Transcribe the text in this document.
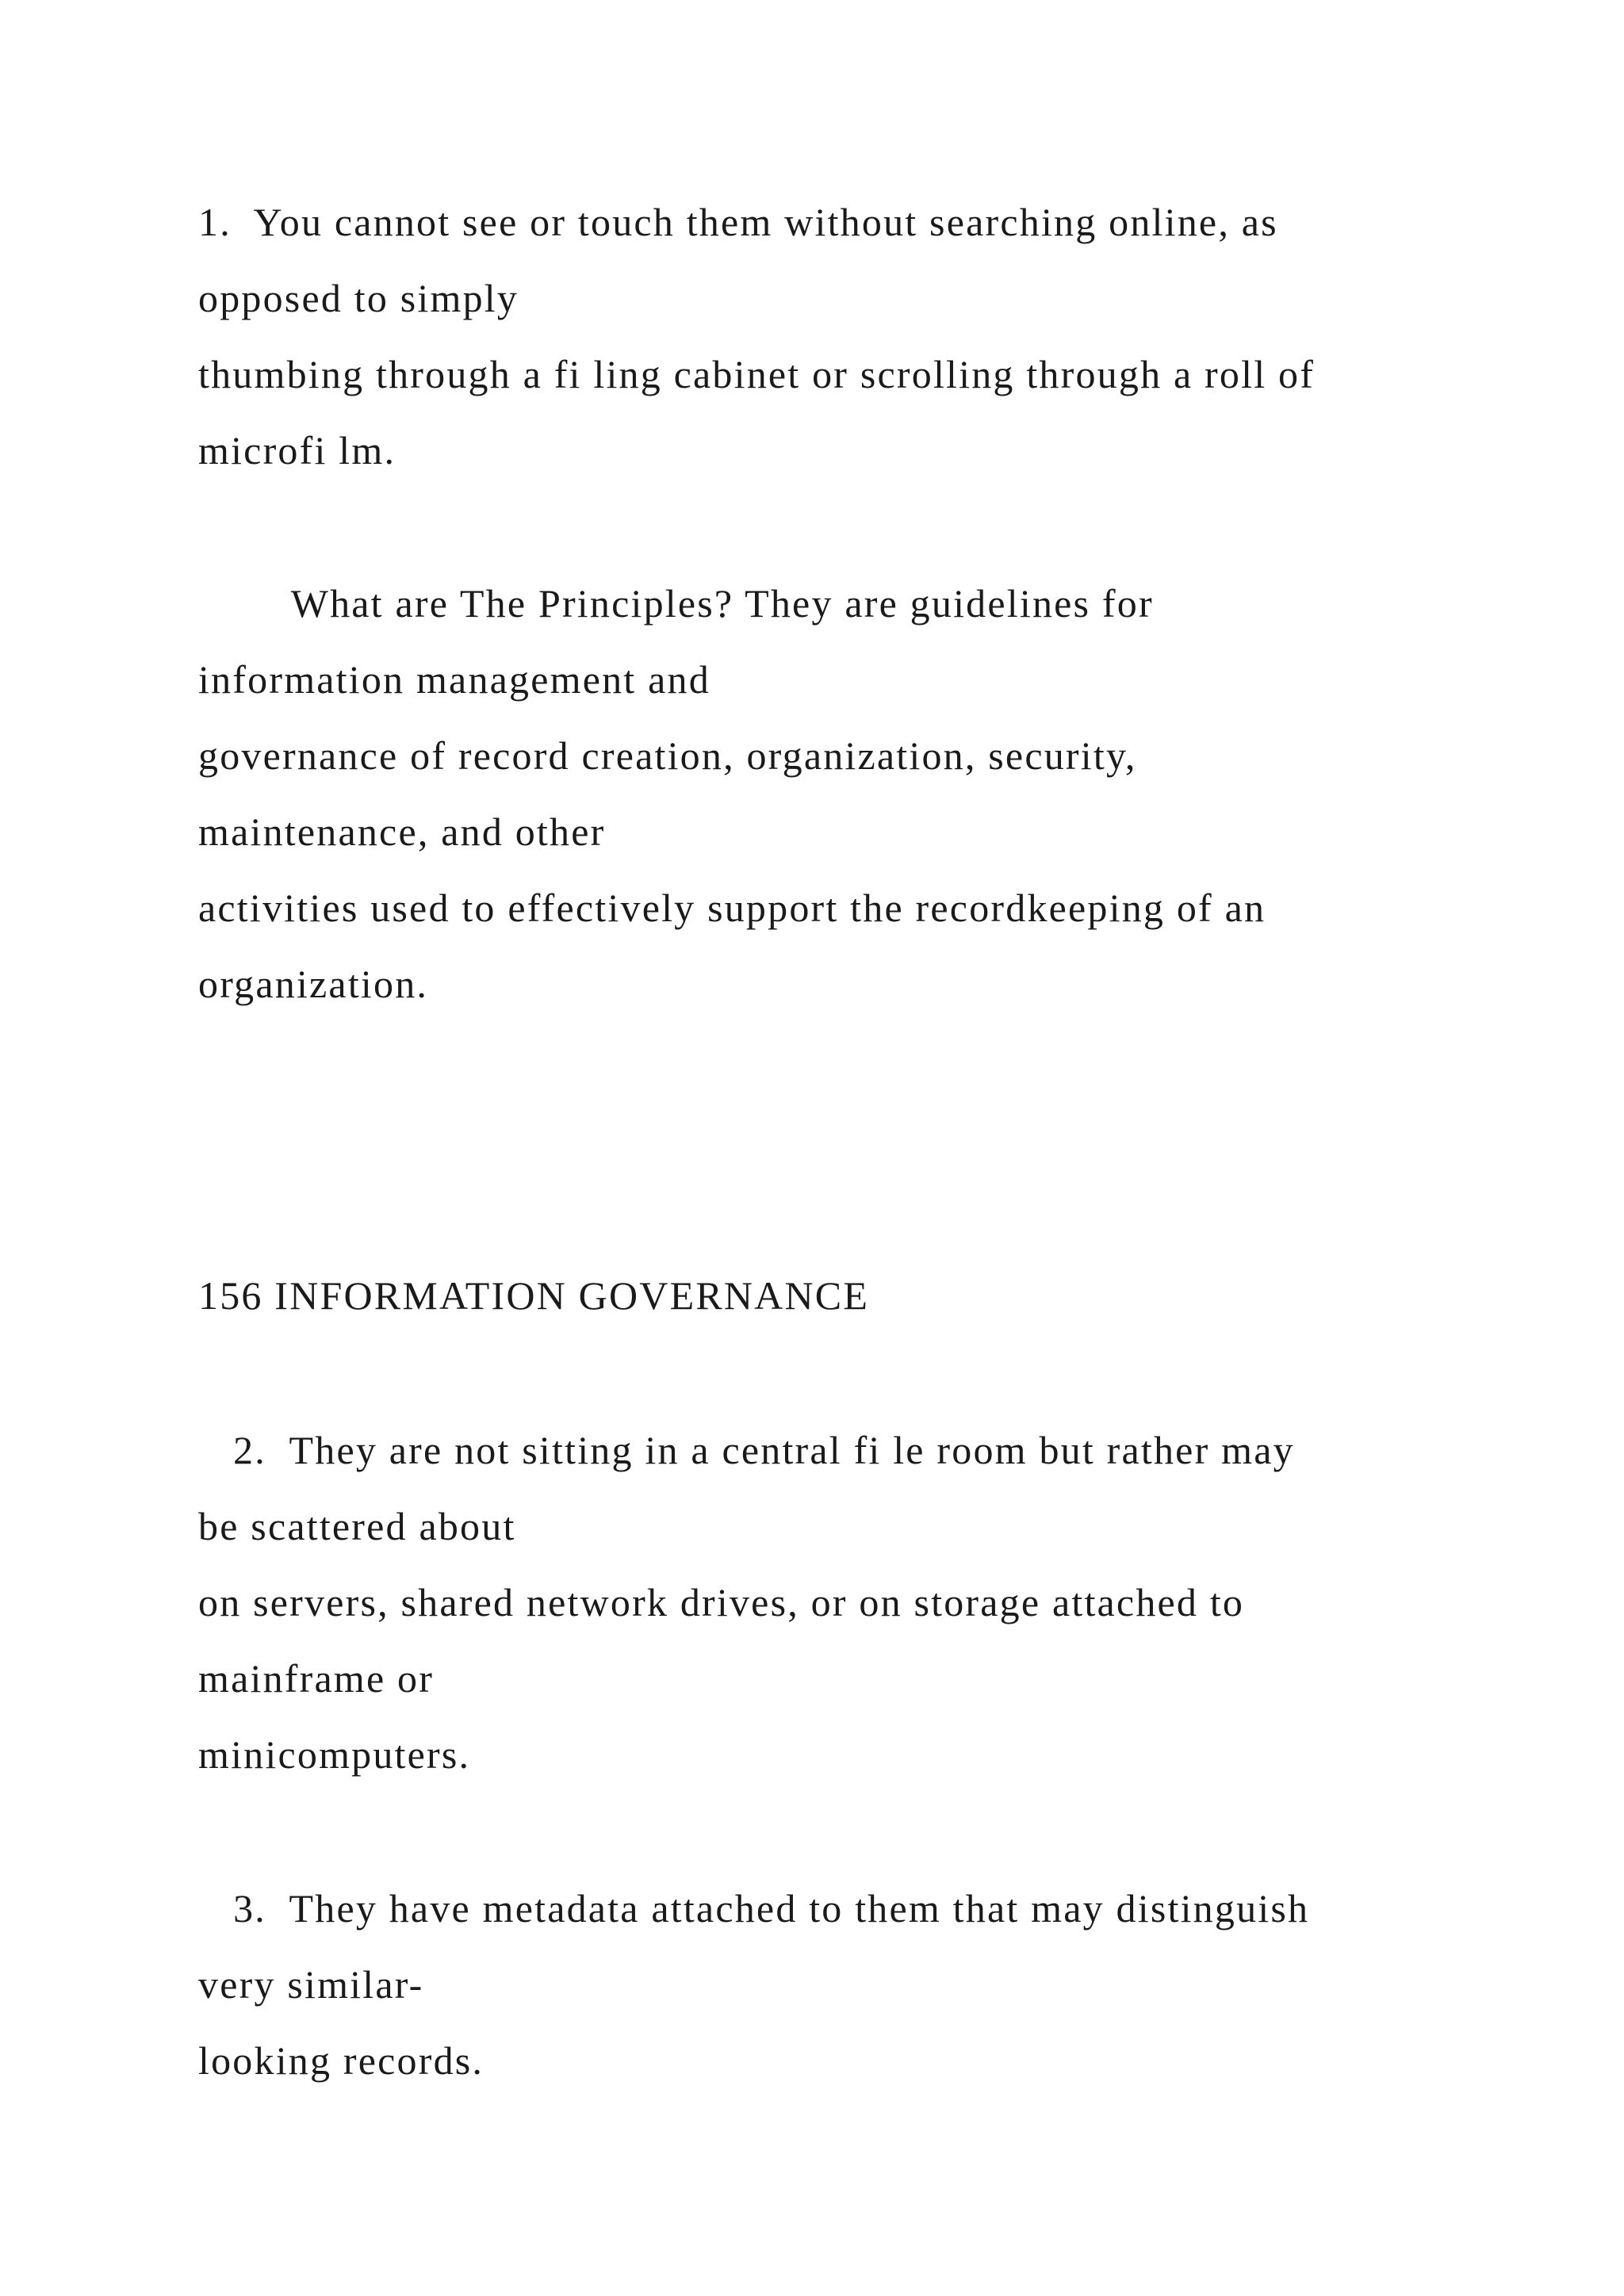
1.  You cannot see or touch them without searching online, as
opposed to simply
thumbing through a fi ling cabinet or scrolling through a roll of
microfi lm.
What are The Principles? They are guidelines for
information management and
governance of record creation, organization, security,
maintenance, and other
activities used to effectively support the recordkeeping of an
organization.
156 INFORMATION GOVERNANCE
2.  They are not sitting in a central fi le room but rather may
be scattered about
on servers, shared network drives, or on storage attached to
mainframe or
minicomputers.
3.  They have metadata attached to them that may distinguish
very similar-
looking records.
